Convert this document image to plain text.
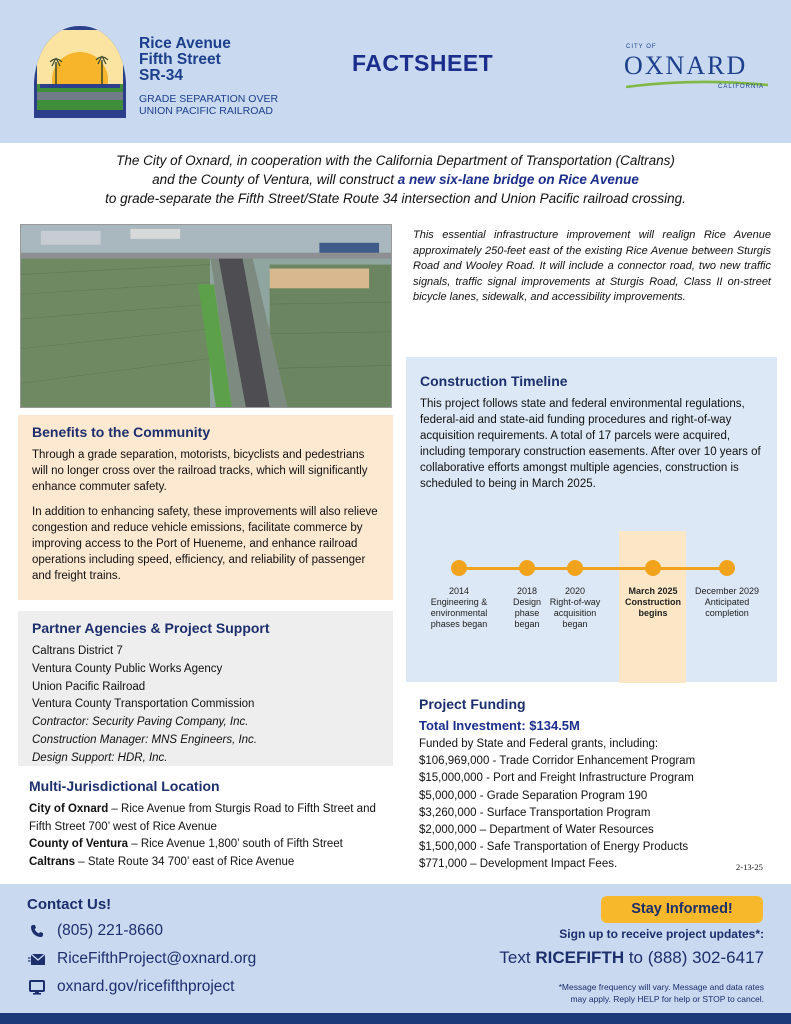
Rice Avenue
Fifth Street
SR-34
GRADE SEPARATION OVER
UNION PACIFIC RAILROAD
FACTSHEET
CITY OF
OXNARD
CALIFORNIA
The City of Oxnard, in cooperation with the California Department of Transportation (Caltrans)
and the County of Ventura, will construct a new six-lane bridge on Rice Avenue
to grade-separate the Fifth Street/State Route 34 intersection and Union Pacific railroad crossing.

This essential infrastructure improvement will realign Rice Avenue approximately 250-feet east of the existing Rice Avenue between Sturgis Road and Wooley Road. It will include a connector road, two new traffic signals, traffic signal improvements at Sturgis Road, Class II on-street bicycle lanes, sidewalk, and accessibility improvements.

Benefits to the Community

Through a grade separation, motorists, bicyclists and pedestrians will no longer cross over the railroad tracks, which will significantly enhance commuter safety.

In addition to enhancing safety, these improvements will also relieve congestion and reduce vehicle emissions, facilitate commerce by improving access to the Port of Hueneme, and enhance railroad operations including speed, efficiency, and reliability of passenger and freight trains.

Construction Timeline

This project follows state and federal environmental regulations, federal-aid and state-aid funding procedures and right-of-way acquisition requirements. A total of 17 parcels were acquired, including temporary construction easements. After over 10 years of collaborative efforts amongst multiple agencies, construction is scheduled to being in March 2025.

2014
Engineering & environmental phases began
2018
Design phase began
2020
Right-of-way acquisition began
March 2025
Construction begins
December 2029
Anticipated completion
Partner Agencies & Project Support
Caltrans District 7
Ventura County Public Works Agency
Union Pacific Railroad
Ventura County Transportation Commission
Contractor: Security Paving Company, Inc.
Construction Manager: MNS Engineers, Inc.
Design Support: HDR, Inc.
Multi-Jurisdictional Location
City of Oxnard – Rice Avenue from Sturgis Road to Fifth Street and Fifth Street 700’ west of Rice Avenue
County of Ventura – Rice Avenue 1,800’ south of Fifth Street
Caltrans – State Route 34 700’ east of Rice Avenue
Project Funding
Total Investment: $134.5M
Funded by State and Federal grants, including:
$106,969,000 - Trade Corridor Enhancement Program
$15,000,000 - Port and Freight Infrastructure Program
$5,000,000 - Grade Separation Program 190
$3,260,000 - Surface Transportation Program
$2,000,000 – Department of Water Resources
$1,500,000 - Safe Transportation of Energy Products
$771,000 – Development Impact Fees.	2-13-25
Contact Us!
(805) 221-8660
RiceFifthProject@oxnard.org
oxnard.gov/ricefifthproject
Stay Informed!
Sign up to receive project updates*:
Text RICEFIFTH to (888) 302-6417
*Message frequency will vary. Message and data rates
may apply. Reply HELP for help or STOP to cancel.
